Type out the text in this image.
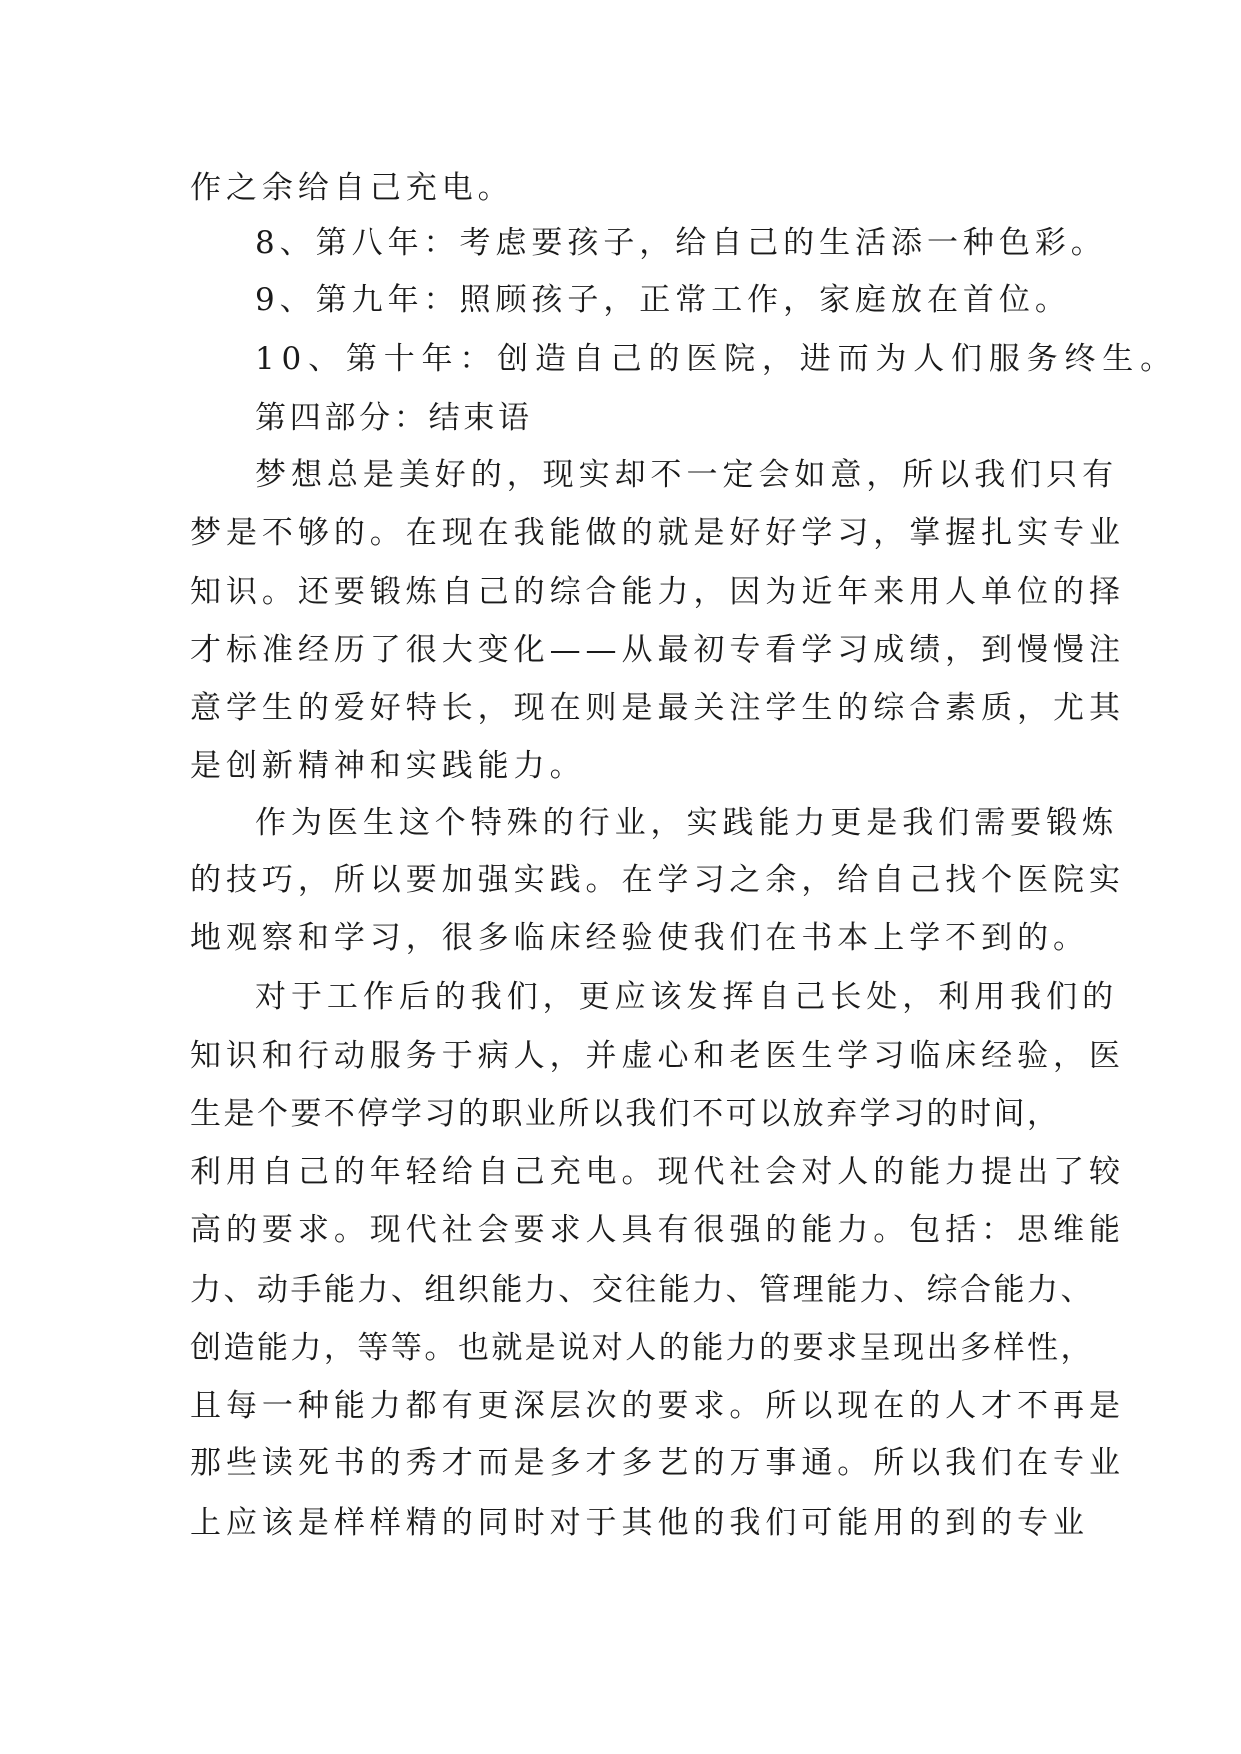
作之余给自己充电。
8、第八年：考虑要孩子，给自己的生活添一种色彩。
9、第九年：照顾孩子，正常工作，家庭放在首位。
10、第十年：创造自己的医院，进而为人们服务终生。
第四部分：结束语
梦想总是美好的，现实却不一定会如意，所以我们只有
梦是不够的。在现在我能做的就是好好学习，掌握扎实专业
知识。还要锻炼自己的综合能力，因为近年来用人单位的择
才标准经历了很大变化——从最初专看学习成绩，到慢慢注
意学生的爱好特长，现在则是最关注学生的综合素质，尤其
是创新精神和实践能力。
作为医生这个特殊的行业，实践能力更是我们需要锻炼
的技巧，所以要加强实践。在学习之余，给自己找个医院实
地观察和学习，很多临床经验使我们在书本上学不到的。
对于工作后的我们，更应该发挥自己长处，利用我们的
知识和行动服务于病人，并虚心和老医生学习临床经验，医
生是个要不停学习的职业所以我们不可以放弃学习的时间，
利用自己的年轻给自己充电。现代社会对人的能力提出了较
高的要求。现代社会要求人具有很强的能力。包括：思维能
力、动手能力、组织能力、交往能力、管理能力、综合能力、
创造能力，等等。也就是说对人的能力的要求呈现出多样性，
且每一种能力都有更深层次的要求。所以现在的人才不再是
那些读死书的秀才而是多才多艺的万事通。所以我们在专业
上应该是样样精的同时对于其他的我们可能用的到的专业
